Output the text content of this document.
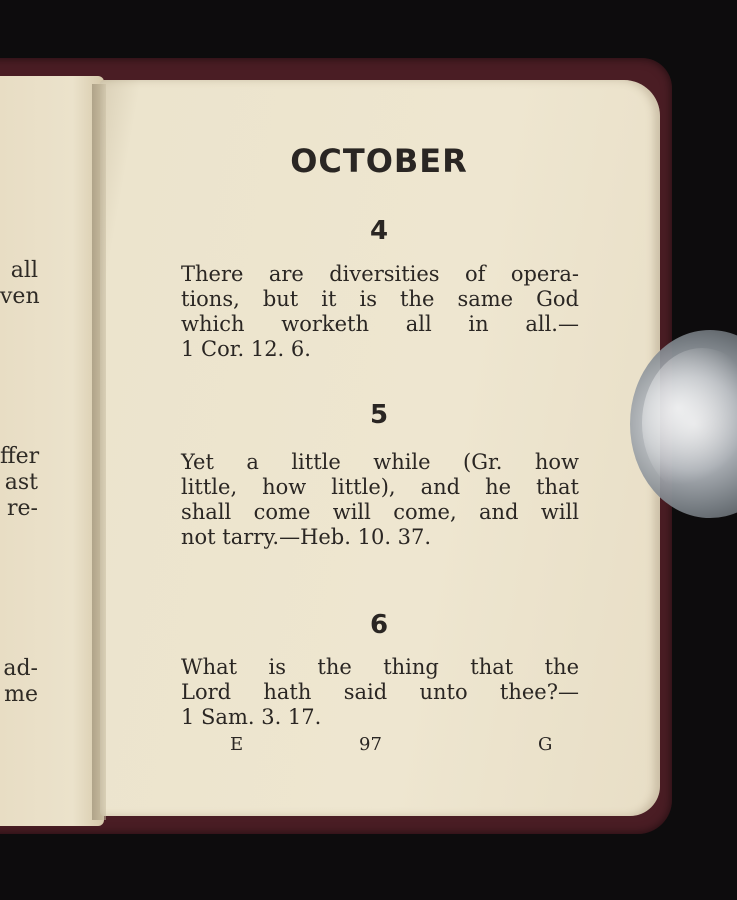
all
ven
ffer
ast
re-
ad-
me
OCTOBER
4
There are diversities of opera-
tions, but it is the same God
which worketh all in all.—
1 Cor. 12. 6.
5
Yet a little while (Gr. how
little, how little), and he that
shall come will come, and will
not tarry.—Heb. 10. 37.
6
What is the thing that the
Lord hath said unto thee?—
1 Sam. 3. 17.
E	97	G
